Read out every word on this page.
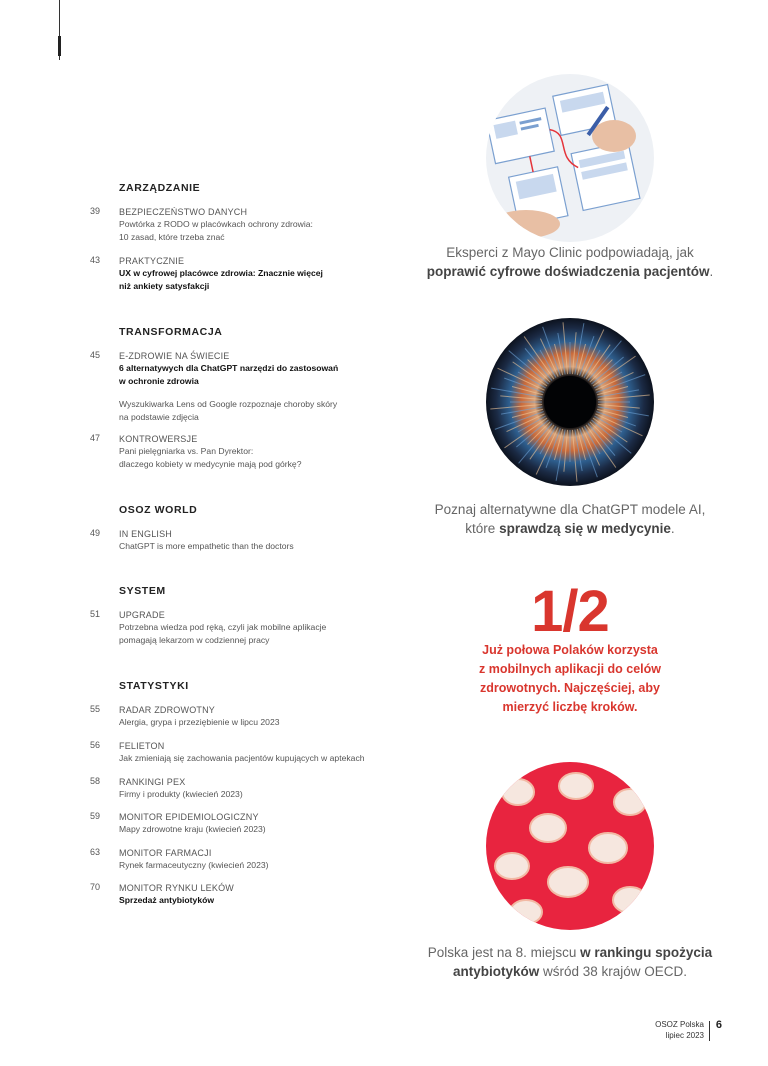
ZARZĄDZANIE
39	BEZPIECZEŃSTWO DANYCH
Powtórka z RODO w placówkach ochrony zdrowia:
10 zasad, które trzeba znać
43	PRAKTYCZNIE
UX w cyfrowej placówce zdrowia: Znacznie więcej
niż ankiety satysfakcji
TRANSFORMACJA
45	E-ZDROWIE NA ŚWIECIE
6 alternatywych dla ChatGPT narzędzi do zastosowań
w ochronie zdrowia
Wyszukiwarka Lens od Google rozpoznaje choroby skóry
na podstawie zdjęcia
47	KONTROWERSJE
Pani pielęgniarka vs. Pan Dyrektor:
dlaczego kobiety w medycynie mają pod górkę?
OSOZ WORLD
49	IN ENGLISH
ChatGPT is more empathetic than the doctors
SYSTEM
51	UPGRADE
Potrzebna wiedza pod ręką, czyli jak mobilne aplikacje
pomagają lekarzom w codziennej pracy
STATYSTYKI
55	RADAR ZDROWOTNY
Alergia, grypa i przeziębienie w lipcu 2023
56	FELIETON
Jak zmieniają się zachowania pacjentów kupujących w aptekach
58	RANKINGI PEX
Firmy i produkty (kwiecień 2023)
59	MONITOR EPIDEMIOLOGICZNY
Mapy zdrowotne kraju (kwiecień 2023)
63	MONITOR FARMACJI
Rynek farmaceutyczny (kwiecień 2023)
70	MONITOR RYNKU LEKÓW
Sprzedaż antybiotyków
Eksperci z Mayo Clinic podpowiadają, jak
poprawić cyfrowe doświadczenia pacjentów.
Poznaj alternatywne dla ChatGPT modele AI,
które sprawdzą się w medycynie.
1/2
Już połowa Polaków korzysta
z mobilnych aplikacji do celów
zdrowotnych. Najczęściej, aby
mierzyć liczbę kroków.
Polska jest na 8. miejscu w rankingu spożycia
antybiotyków wśród 38 krajów OECD.
OSOZ Polska
lipiec 2023
6
